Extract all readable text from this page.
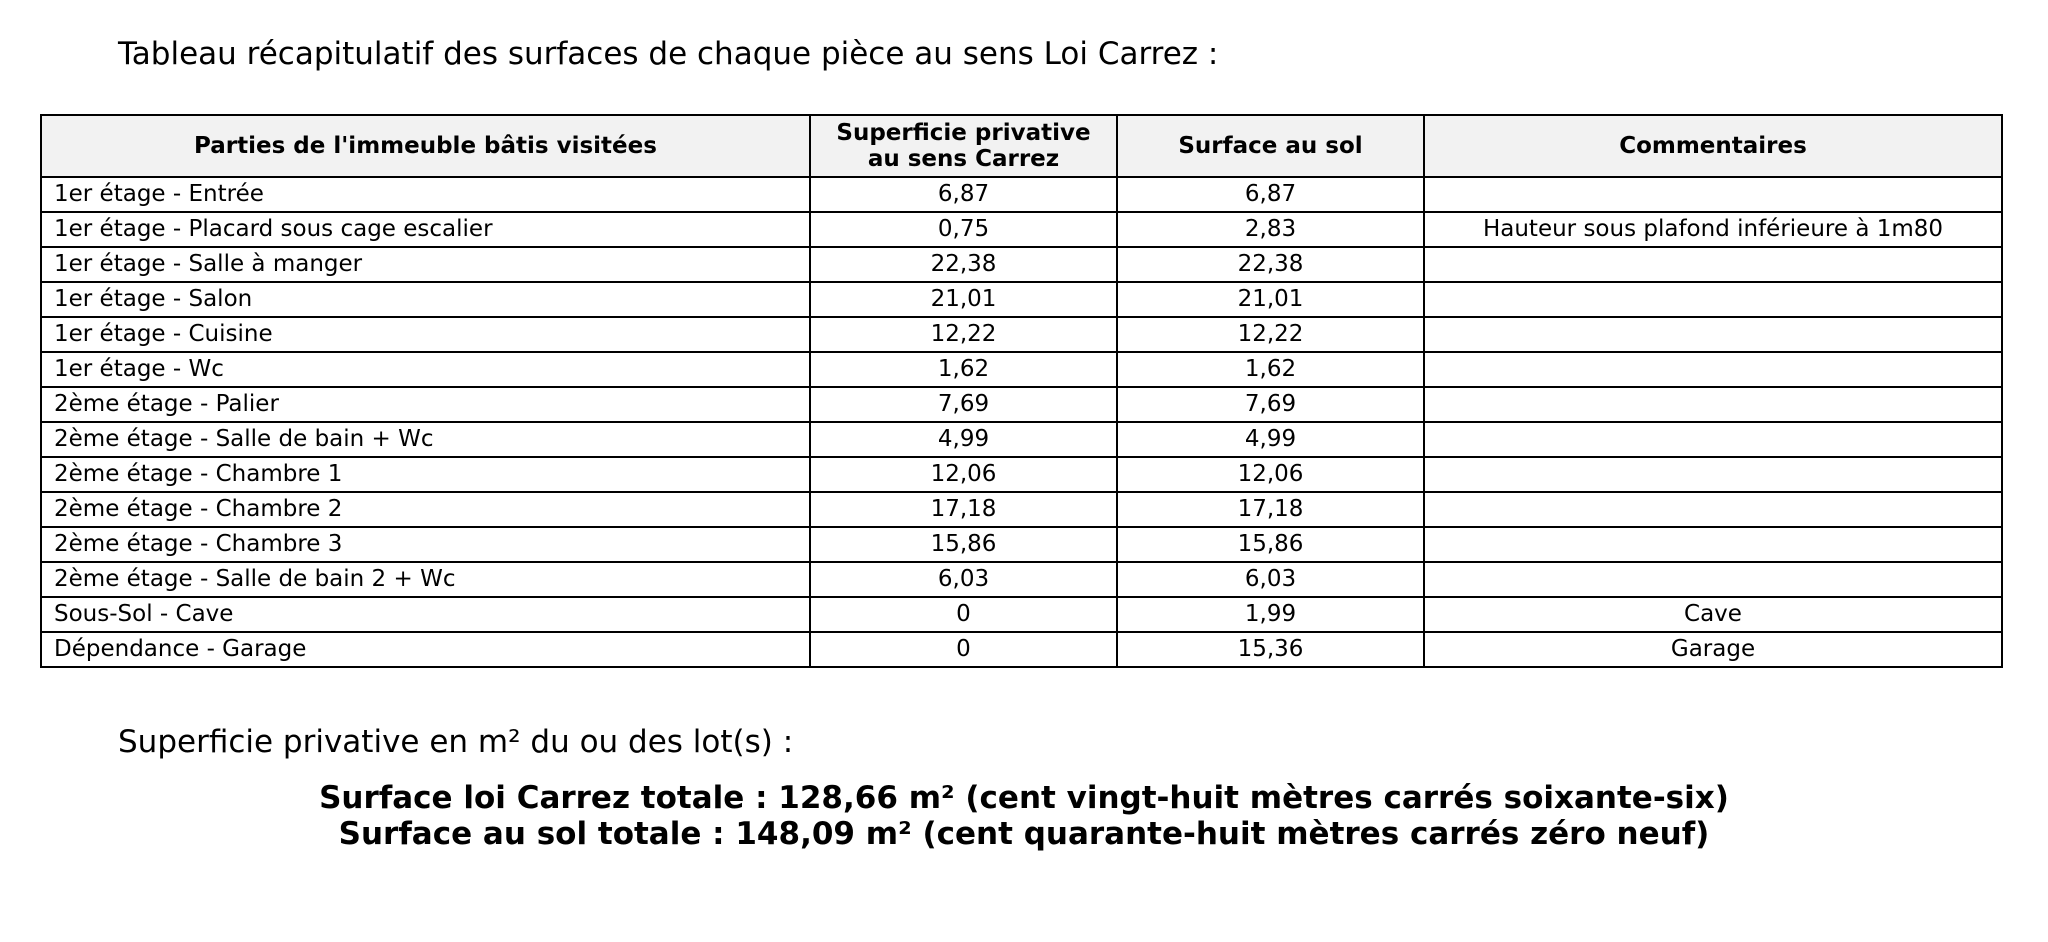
Tableau récapitulatif des surfaces de chaque pièce au sens Loi Carrez :
Parties de l'immeuble bâtis visitées	Superficie privative au sens Carrez	Surface au sol	Commentaires
1er étage - Entrée	6,87	6,87	
1er étage - Placard sous cage escalier	0,75	2,83	Hauteur sous plafond inférieure à 1m80
1er étage - Salle à manger	22,38	22,38	
1er étage - Salon	21,01	21,01	
1er étage - Cuisine	12,22	12,22	
1er étage - Wc	1,62	1,62	
2ème étage - Palier	7,69	7,69	
2ème étage - Salle de bain + Wc	4,99	4,99	
2ème étage - Chambre 1	12,06	12,06	
2ème étage - Chambre 2	17,18	17,18	
2ème étage - Chambre 3	15,86	15,86	
2ème étage - Salle de bain 2 + Wc	6,03	6,03	
Sous-Sol - Cave	0	1,99	Cave
Dépendance - Garage	0	15,36	Garage
Superficie privative en m² du ou des lot(s) :
Surface loi Carrez totale : 128,66 m² (cent vingt-huit mètres carrés soixante-six)
Surface au sol totale : 148,09 m² (cent quarante-huit mètres carrés zéro neuf)
